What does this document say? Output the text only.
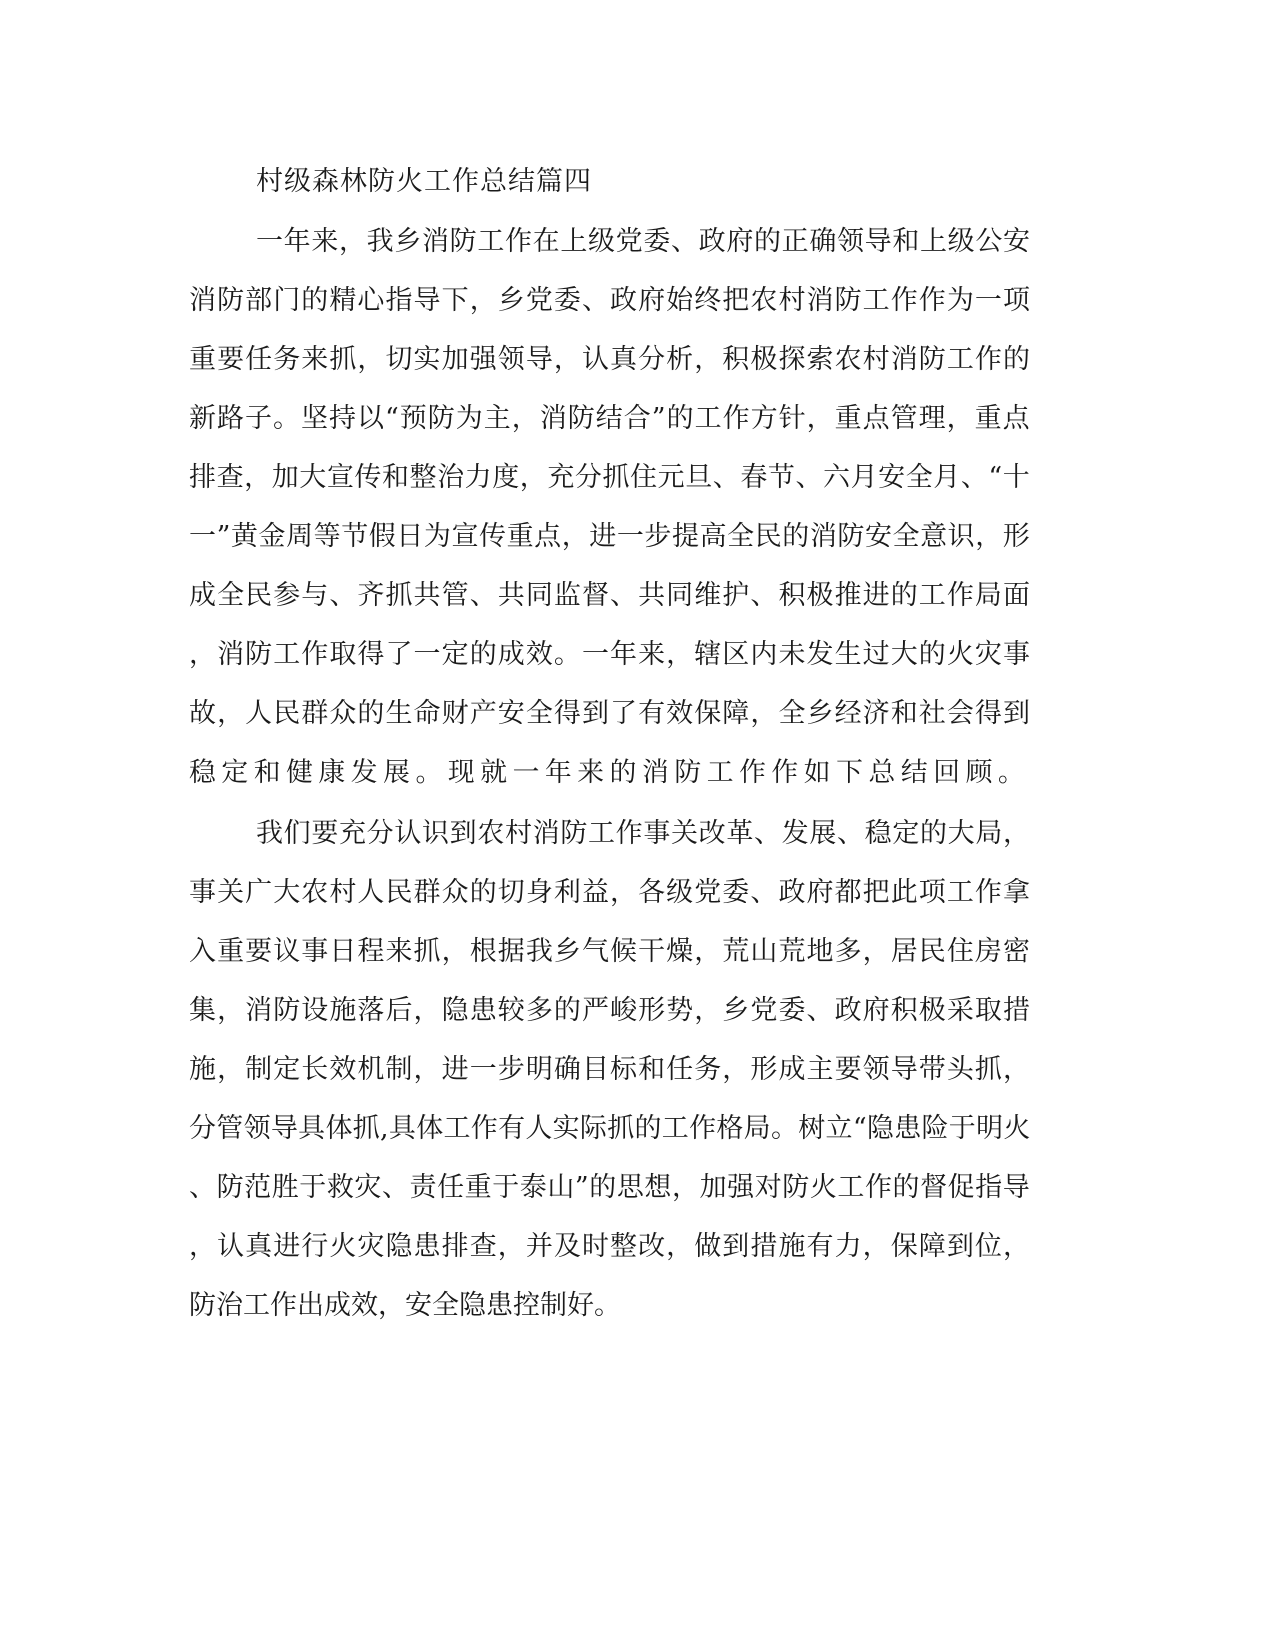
村级森林防火工作总结篇四

一年来，我乡消防工作在上级党委、政府的正确领导和上级公安

消防部门的精心指导下，乡党委、政府始终把农村消防工作作为一项

重要任务来抓，切实加强领导，认真分析，积极探索农村消防工作的

新路子。坚持以“预防为主，消防结合”的工作方针，重点管理，重点

排查，加大宣传和整治力度，充分抓住元旦、春节、六月安全月、“十

一”黄金周等节假日为宣传重点，进一步提高全民的消防安全意识，形

成全民参与、齐抓共管、共同监督、共同维护、积极推进的工作局面

，消防工作取得了一定的成效。一年来，辖区内未发生过大的火灾事

故，人民群众的生命财产安全得到了有效保障，全乡经济和社会得到

稳定和健康发展。现就一年来的消防工作作如下总结回顾。

我们要充分认识到农村消防工作事关改革、发展、稳定的大局，

事关广大农村人民群众的切身利益，各级党委、政府都把此项工作拿

入重要议事日程来抓，根据我乡气候干燥，荒山荒地多，居民住房密

集，消防设施落后，隐患较多的严峻形势，乡党委、政府积极采取措

施，制定长效机制，进一步明确目标和任务，形成主要领导带头抓，

分管领导具体抓,具体工作有人实际抓的工作格局。树立“隐患险于明火

、防范胜于救灾、责任重于泰山”的思想，加强对防火工作的督促指导

，认真进行火灾隐患排查，并及时整改，做到措施有力，保障到位，

防治工作出成效，安全隐患控制好。
